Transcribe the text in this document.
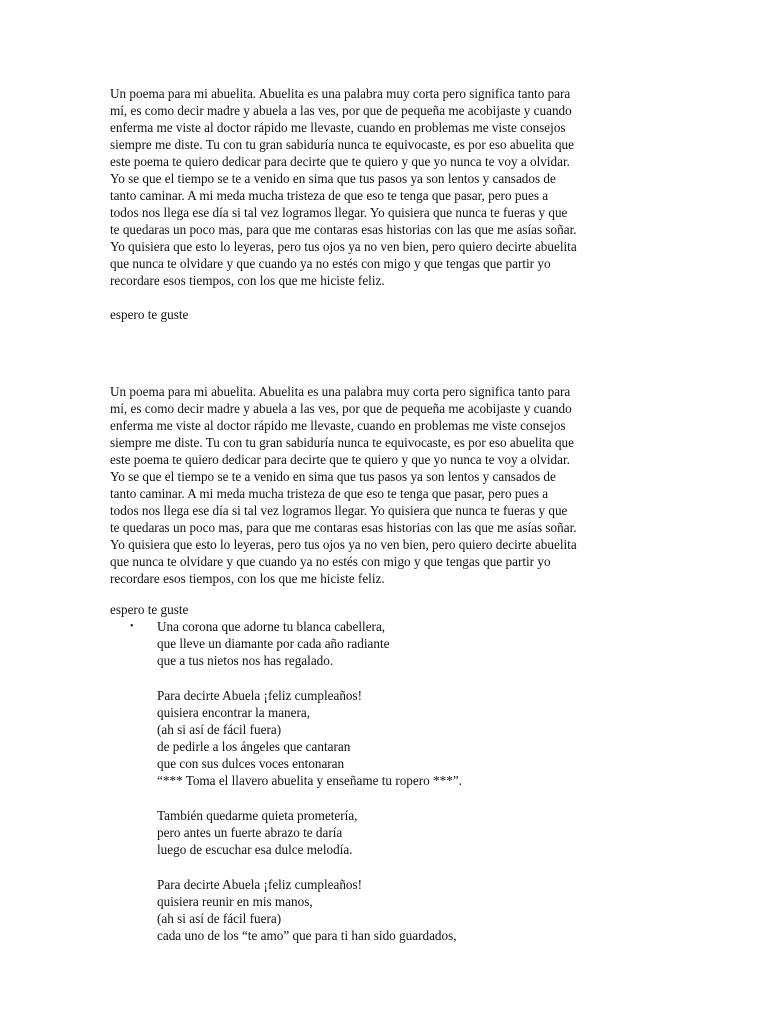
Un poema para mi abuelita. Abuelita es una palabra muy corta pero significa tanto para
mí, es como decir madre y abuela a las ves, por que de pequeña me acobijaste y cuando
enferma me viste al doctor rápido me llevaste, cuando en problemas me viste consejos
siempre me diste. Tu con tu gran sabiduría nunca te equivocaste, es por eso abuelita que
este poema te quiero dedicar para decirte que te quiero y que yo nunca te voy a olvidar.
Yo se que el tiempo se te a venido en sima que tus pasos ya son lentos y cansados de
tanto caminar. A mi meda mucha tristeza de que eso te tenga que pasar, pero pues a
todos nos llega ese día si tal vez logramos llegar. Yo quisiera que nunca te fueras y que
te quedaras un poco mas, para que me contaras esas historias con las que me asías soñar.
Yo quisiera que esto lo leyeras, pero tus ojos ya no ven bien, pero quiero decirte abuelita
que nunca te olvidare y que cuando ya no estés con migo y que tengas que partir yo
recordare esos tiempos, con los que me hiciste feliz.

espero te guste

Un poema para mi abuelita. Abuelita es una palabra muy corta pero significa tanto para
mí, es como decir madre y abuela a las ves, por que de pequeña me acobijaste y cuando
enferma me viste al doctor rápido me llevaste, cuando en problemas me viste consejos
siempre me diste. Tu con tu gran sabiduría nunca te equivocaste, es por eso abuelita que
este poema te quiero dedicar para decirte que te quiero y que yo nunca te voy a olvidar.
Yo se que el tiempo se te a venido en sima que tus pasos ya son lentos y cansados de
tanto caminar. A mi meda mucha tristeza de que eso te tenga que pasar, pero pues a
todos nos llega ese día si tal vez logramos llegar. Yo quisiera que nunca te fueras y que
te quedaras un poco mas, para que me contaras esas historias con las que me asías soñar.
Yo quisiera que esto lo leyeras, pero tus ojos ya no ven bien, pero quiero decirte abuelita
que nunca te olvidare y que cuando ya no estés con migo y que tengas que partir yo
recordare esos tiempos, con los que me hiciste feliz.

espero te guste

• Una corona que adorne tu blanca cabellera,
que lleve un diamante por cada año radiante
que a tus nietos nos has regalado.
Para decirte Abuela ¡feliz cumpleaños!
quisiera encontrar la manera,
(ah si así de fácil fuera)
de pedirle a los ángeles que cantaran
que con sus dulces voces entonaran
“*** Toma el llavero abuelita y enseñame tu ropero ***”.
También quedarme quieta prometería,
pero antes un fuerte abrazo te daría
luego de escuchar esa dulce melodía.
Para decirte Abuela ¡feliz cumpleaños!
quisiera reunir en mis manos,
(ah si así de fácil fuera)
cada uno de los “te amo” que para ti han sido guardados,
